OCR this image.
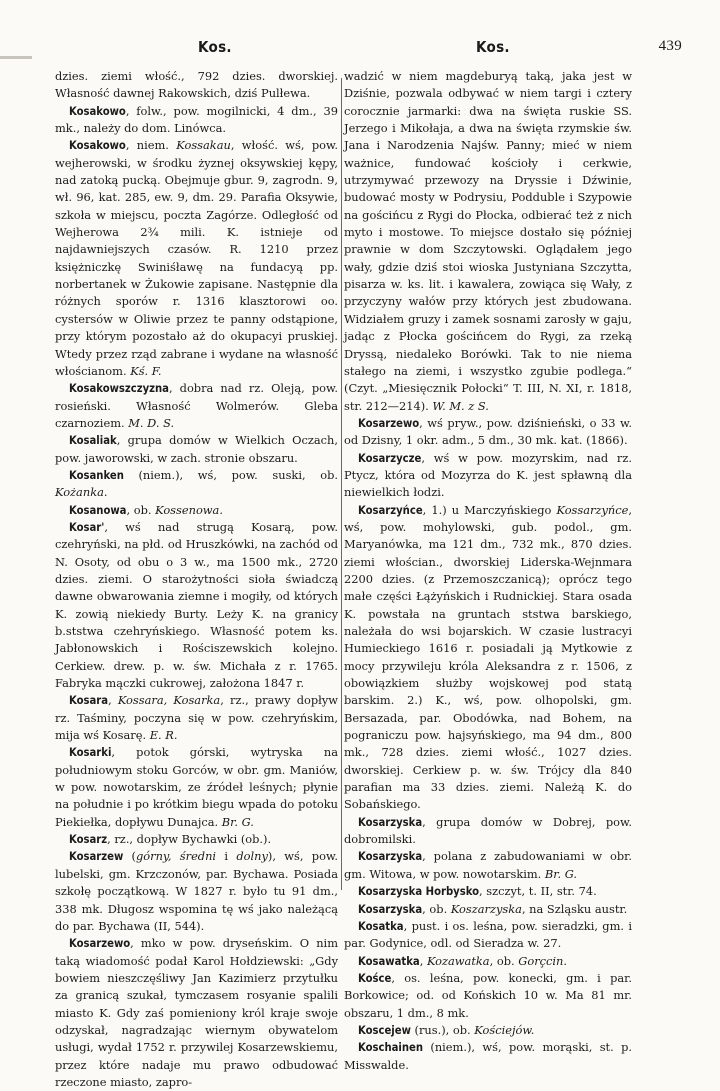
Kos.	Kos.	439

dzies. ziemi włość., 792 dzies. dworskiej. Własność dawnej Rakowskich, dziś Pulłewa.

Kosakowo, folw., pow. mogilnicki, 4 dm., 39 mk., należy do dom. Linówca.

Kosakowo, niem. Kossakau, włość. wś, pow. wejherowski, w środku żyznej oksywskiej kępy, nad zatoką pucką. Obejmuje gbur. 9, zagrodn. 9, wł. 96, kat. 285, ew. 9, dm. 29. Parafia Oksywie, szkoła w miejscu, poczta Zagórze. Odległość od Wejherowa 2¾ mili. K. istnieje od najdawniejszych czasów. R. 1210 przez księżniczkę Swiniśławę na fundacyą pp. norbertanek w Żukowie zapisane. Następnie dla różnych sporów r. 1316 klasztorowi oo. cystersów w Oliwie przez te panny odstąpione, przy którym pozostało aż do okupacyi pruskiej. Wtedy przez rząd zabrane i wydane na własność włościanom. Kś. F.

Kosakowszczyzna, dobra nad rz. Oleją, pow. rosieński. Własność Wolmerów. Gleba czarnoziem. M. D. S.

Kosaliak, grupa domów w Wielkich Oczach, pow. jaworowski, w zach. stronie obszaru.

Kosanken (niem.), wś, pow. suski, ob. Kożanka.

Kosanowa, ob. Kossenowa.

Kosar', wś nad strugą Kosarą, pow. czehryński, na płd. od Hruszkówki, na zachód od N. Osoty, od obu o 3 w., ma 1500 mk., 2720 dzies. ziemi. O starożytności sioła świadczą dawne obwarowania ziemne i mogiły, od których K. zowią niekiedy Burty. Leży K. na granicy b.ststwa czehryńskiego. Własność potem ks. Jabłonowskich i Rościszewskich kolejno. Cerkiew. drew. p. w. św. Michała z r. 1765. Fabryka mączki cukrowej, założona 1847 r.

Kosara, Kossara, Kosarka, rz., prawy dopływ rz. Taśminy, poczyna się w pow. czehryńskim, mija wś Kosarę. E. R.

Kosarki, potok górski, wytryska na południowym stoku Gorców, w obr. gm. Maniów, w pow. nowotarskim, ze źródeł leśnych; płynie na południe i po krótkim biegu wpada do potoku Piekiełka, dopływu Dunajca. Br. G.

Kosarz, rz., dopływ Bychawki (ob.).

Kosarzew (górny, średni i dolny), wś, pow. lubelski, gm. Krzczonów, par. Bychawa. Posiada szkołę początkową. W 1827 r. było tu 91 dm., 338 mk. Długosz wspomina tę wś jako należącą do par. Bychawa (II, 544).

Kosarzewo, mko w pow. dryseńskim. O nim taką wiadomość podał Karol Hołdziewski: „Gdy bowiem nieszczęśliwy Jan Kazimierz przytułku za granicą szukał, tymczasem rosyanie spalili miasto K. Gdy zaś pomieniony król kraje swoje odzyskał, nagradzając wiernym obywatelom usługi, wydał 1752 r. przywilej Kosarzewskiemu, przez które nadaje mu prawo odbudować rzeczone miasto, zapro-

wadzić w niem magdeburyą taką, jaka jest w Dziśnie, pozwala odbywać w niem targi i cztery corocznie jarmarki: dwa na święta ruskie SS. Jerzego i Mikołaja, a dwa na święta rzymskie św. Jana i Narodzenia Najśw. Panny; mieć w niem ważnice, fundować kościoły i cerkwie, utrzymywać przewozy na Dryssie i Dźwinie, budować mosty w Podrysiu, Podduble i Szypowie na gościńcu z Rygi do Płocka, odbierać też z nich myto i mostowe. To miejsce dostało się później prawnie w dom Szczytowski. Oglądałem jego wały, gdzie dziś stoi wioska Justyniana Szczytta, pisarza w. ks. lit. i kawalera, zowiąca się Wały, z przyczyny wałów przy których jest zbudowana. Widziałem gruzy i zamek sosnami zarosły w gaju, jadąc z Płocka gościńcem do Rygi, za rzeką Dryssą, niedaleko Borówki. Tak to nie niema stałego na ziemi, i wszystko zgubie podlega.“ (Czyt. „Miesięcznik Połocki“ T. III, N. XI, r. 1818, str. 212—214). W. M. z S.

Kosarzewo, wś pryw., pow. dziśnieński, o 33 w. od Dzisny, 1 okr. adm., 5 dm., 30 mk. kat. (1866).

Kosarzycze, wś w pow. mozyrskim, nad rz. Ptycz, która od Mozyrza do K. jest spławną dla niewielkich łodzi.

Kosarzyńce, 1.) u Marczyńskiego Kossarzyńce, wś, pow. mohylowski, gub. podol., gm. Maryanówka, ma 121 dm., 732 mk., 870 dzies. ziemi włościan., dworskiej Liderska-Wejnmara 2200 dzies. (z Przemoszczanicą); oprócz tego małe części Łążyńskich i Rudnickiej. Stara osada K. powstała na gruntach ststwa barskiego, należała do wsi bojarskich. W czasie lustracyi Humieckiego 1616 r. posiadali ją Mytkowie z mocy przywileju króla Aleksandra z r. 1506, z obowiązkiem służby wojskowej pod statą barskim. 2.) K., wś, pow. olhopolski, gm. Bersazada, par. Obodówka, nad Bohem, na pograniczu pow. hajsyńskiego, ma 94 dm., 800 mk., 728 dzies. ziemi włość., 1027 dzies. dworskiej. Cerkiew p. w. św. Trójcy dla 840 parafian ma 33 dzies. ziemi. Należą K. do Sobańskiego.

Kosarzyska, grupa domów w Dobrej, pow. dobromilski.

Kosarzyska, polana z zabudowaniami w obr. gm. Witowa, w pow. nowotarskim. Br. G.

Kosarzyska Horbysko, szczyt, t. II, str. 74.

Kosarzyska, ob. Koszarzyska, na Szląsku austr.

Kosatka, pust. i os. leśna, pow. sieradzki, gm. i par. Godynice, odl. od Sieradza w. 27.

Kosawatka, Kozawatka, ob. Gorçcin.

Kośce, os. leśna, pow. konecki, gm. i par. Borkowice; od. od Końskich 10 w. Ma 81 mr. obszaru, 1 dm., 8 mk.

Koscejew (rus.), ob. Kościejów.

Koschainen (niem.), wś, pow. morąski, st. p. Misswalde.
